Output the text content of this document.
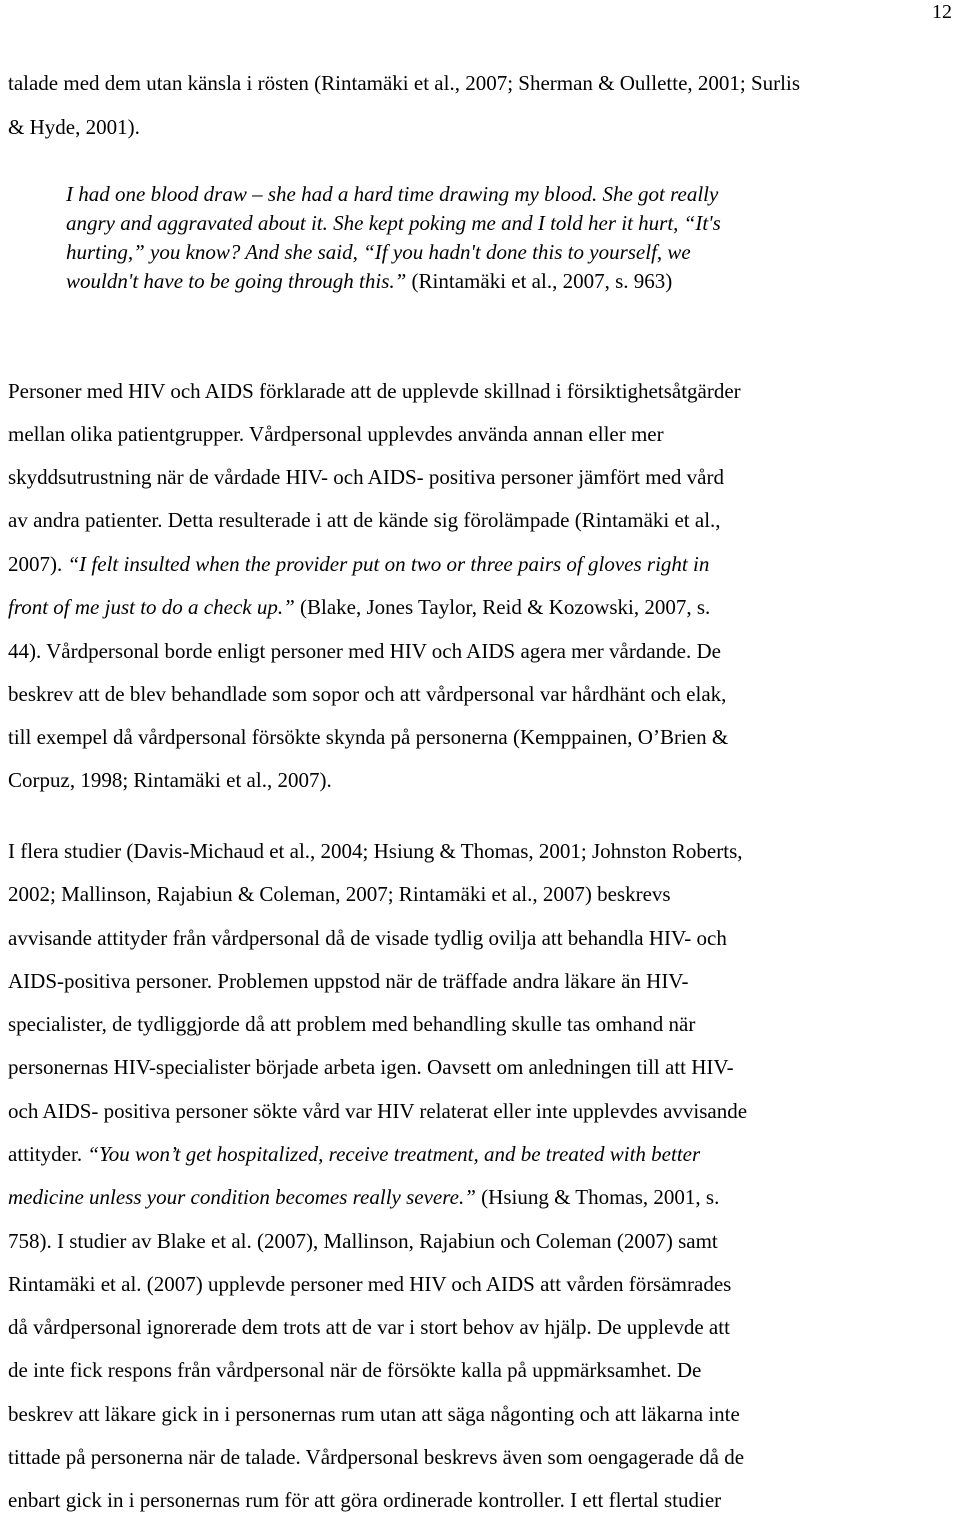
12
talade med dem utan känsla i rösten (Rintamäki et al., 2007; Sherman & Oullette, 2001; Surlis
& Hyde, 2001).
I had one blood draw – she had a hard time drawing my blood. She got really
angry and aggravated about it. She kept poking me and I told her it hurt, “It's
hurting,” you know? And she said, “If you hadn't done this to yourself, we
wouldn't have to be going through this.” (Rintamäki et al., 2007, s. 963)
Personer med HIV och AIDS förklarade att de upplevde skillnad i försiktighetsåtgärder
mellan olika patientgrupper. Vårdpersonal upplevdes använda annan eller mer
skyddsutrustning när de vårdade HIV- och AIDS- positiva personer jämfört med vård
av andra patienter. Detta resulterade i att de kände sig förolämpade (Rintamäki et al.,
2007). “I felt insulted when the provider put on two or three pairs of gloves right in
front of me just to do a check up.” (Blake, Jones Taylor, Reid & Kozowski, 2007, s.
44). Vårdpersonal borde enligt personer med HIV och AIDS agera mer vårdande. De
beskrev att de blev behandlade som sopor och att vårdpersonal var hårdhänt och elak,
till exempel då vårdpersonal försökte skynda på personerna (Kemppainen, O’Brien &
Corpuz, 1998; Rintamäki et al., 2007).
I flera studier (Davis-Michaud et al., 2004; Hsiung & Thomas, 2001; Johnston Roberts,
2002; Mallinson, Rajabiun & Coleman, 2007; Rintamäki et al., 2007) beskrevs
avvisande attityder från vårdpersonal då de visade tydlig ovilja att behandla HIV- och
AIDS-positiva personer. Problemen uppstod när de träffade andra läkare än HIV-
specialister, de tydliggjorde då att problem med behandling skulle tas omhand när
personernas HIV-specialister började arbeta igen. Oavsett om anledningen till att HIV-
och AIDS- positiva personer sökte vård var HIV relaterat eller inte upplevdes avvisande
attityder. “You won’t get hospitalized, receive treatment, and be treated with better
medicine unless your condition becomes really severe.” (Hsiung & Thomas, 2001, s.
758). I studier av Blake et al. (2007), Mallinson, Rajabiun och Coleman (2007) samt
Rintamäki et al. (2007) upplevde personer med HIV och AIDS att vården försämrades
då vårdpersonal ignorerade dem trots att de var i stort behov av hjälp. De upplevde att
de inte fick respons från vårdpersonal när de försökte kalla på uppmärksamhet. De
beskrev att läkare gick in i personernas rum utan att säga någonting och att läkarna inte
tittade på personerna när de talade. Vårdpersonal beskrevs även som oengagerade då de
enbart gick in i personernas rum för att göra ordinerade kontroller. I ett flertal studier
